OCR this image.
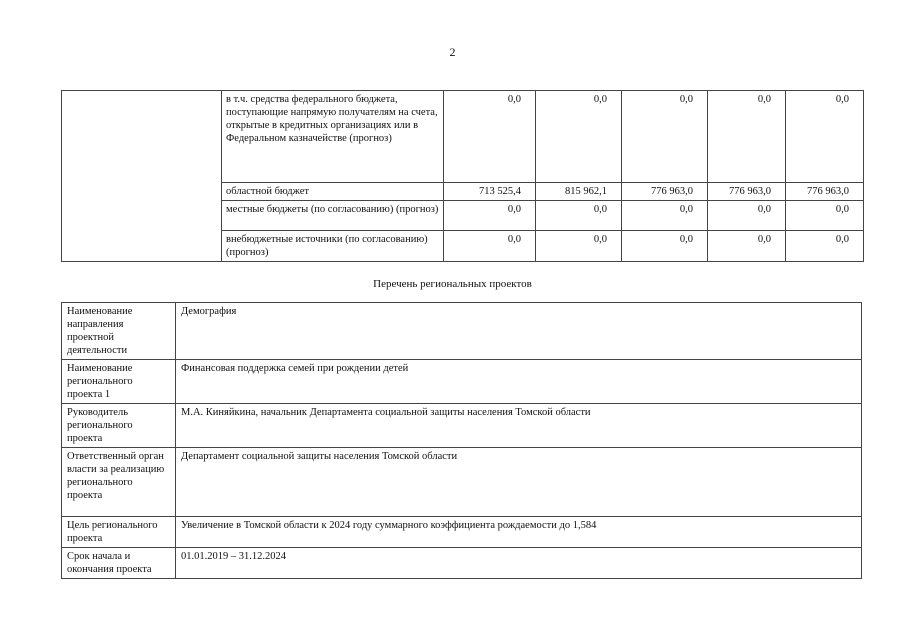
2
	в т.ч. средства федерального бюджета, поступающие напрямую получателям на счета, открытые в кредитных организациях или в Федеральном казначействе (прогноз)	0,0	0,0	0,0	0,0	0,0
	областной бюджет	713 525,4	815 962,1	776 963,0	776 963,0	776 963,0
	местные бюджеты (по согласованию) (прогноз)	0,0	0,0	0,0	0,0	0,0
	внебюджетные источники (по согласованию) (прогноз)	0,0	0,0	0,0	0,0	0,0
Перечень региональных проектов
Наименование направления проектной деятельности	Демография
Наименование регионального проекта 1	Финансовая поддержка семей при рождении детей
Руководитель регионального проекта	М.А. Киняйкина, начальник Департамента социальной защиты населения Томской области
Ответственный орган власти за реализацию регионального проекта	Департамент социальной защиты населения Томской области
Цель регионального проекта	Увеличение в Томской области к 2024 году суммарного коэффициента рождаемости до 1,584
Срок начала и окончания проекта	01.01.2019 – 31.12.2024
